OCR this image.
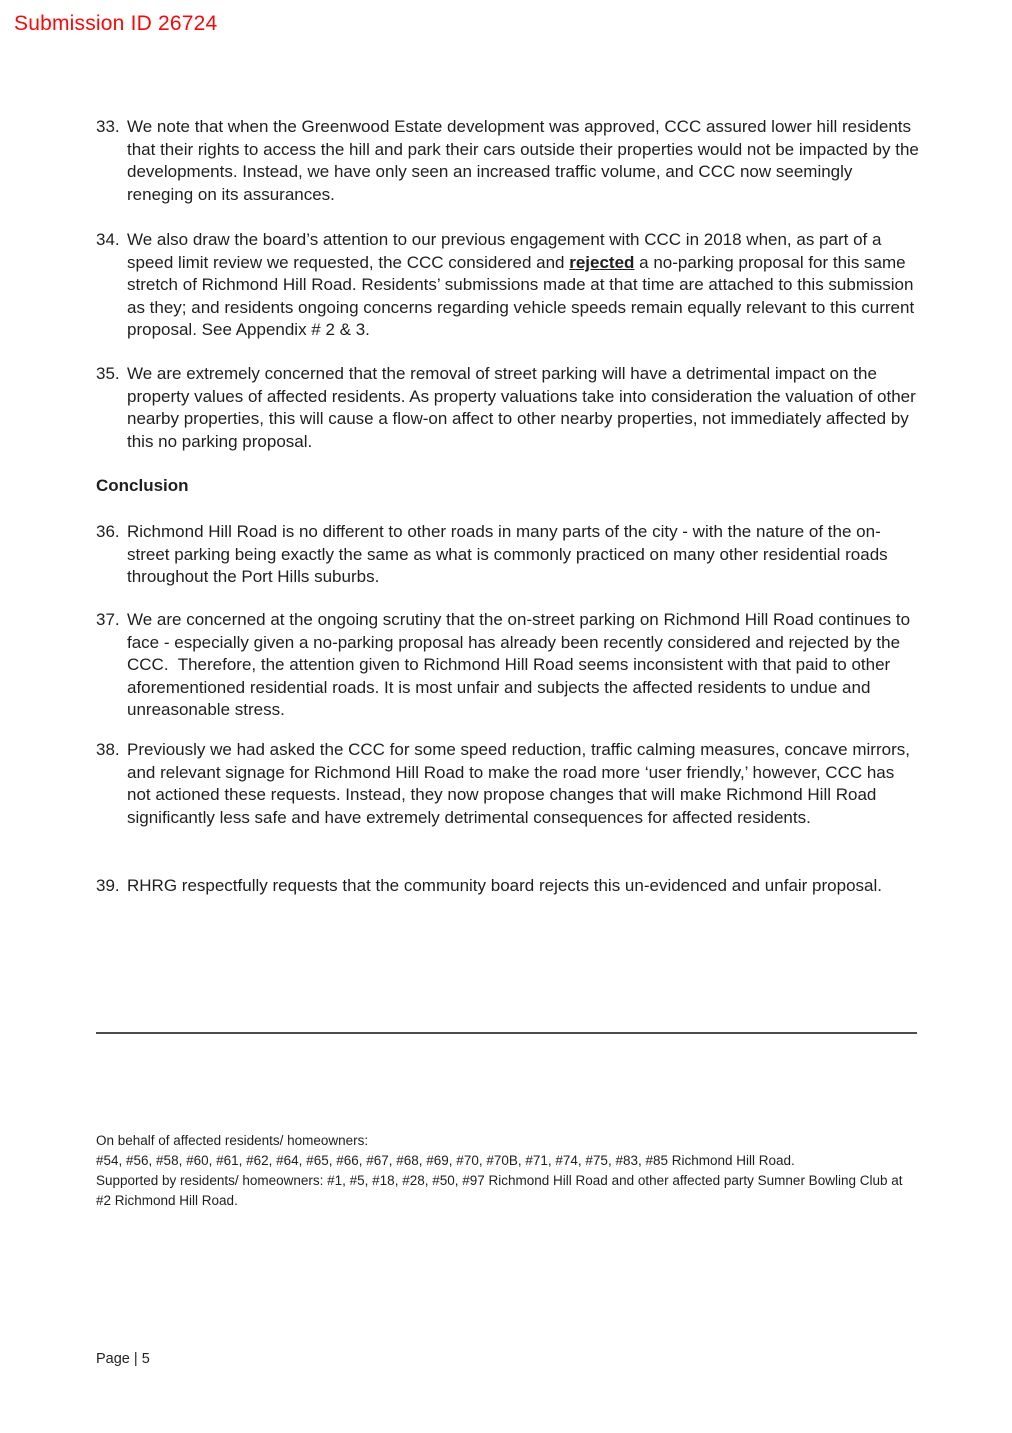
Submission ID 26724
33. We note that when the Greenwood Estate development was approved, CCC assured lower hill residents that their rights to access the hill and park their cars outside their properties would not be impacted by the developments. Instead, we have only seen an increased traffic volume, and CCC now seemingly reneging on its assurances.
34. We also draw the board’s attention to our previous engagement with CCC in 2018 when, as part of a speed limit review we requested, the CCC considered and rejected a no-parking proposal for this same stretch of Richmond Hill Road. Residents’ submissions made at that time are attached to this submission as they; and residents ongoing concerns regarding vehicle speeds remain equally relevant to this current proposal. See Appendix # 2 & 3.
35. We are extremely concerned that the removal of street parking will have a detrimental impact on the property values of affected residents. As property valuations take into consideration the valuation of other nearby properties, this will cause a flow-on affect to other nearby properties, not immediately affected by this no parking proposal.
Conclusion
36. Richmond Hill Road is no different to other roads in many parts of the city - with the nature of the on-street parking being exactly the same as what is commonly practiced on many other residential roads throughout the Port Hills suburbs.
37. We are concerned at the ongoing scrutiny that the on-street parking on Richmond Hill Road continues to face - especially given a no-parking proposal has already been recently considered and rejected by the CCC.  Therefore, the attention given to Richmond Hill Road seems inconsistent with that paid to other aforementioned residential roads. It is most unfair and subjects the affected residents to undue and unreasonable stress.
38. Previously we had asked the CCC for some speed reduction, traffic calming measures, concave mirrors, and relevant signage for Richmond Hill Road to make the road more ‘user friendly,’ however, CCC has not actioned these requests. Instead, they now propose changes that will make Richmond Hill Road significantly less safe and have extremely detrimental consequences for affected residents.
39. RHRG respectfully requests that the community board rejects this un-evidenced and unfair proposal.
On behalf of affected residents/ homeowners:
#54, #56, #58, #60, #61, #62, #64, #65, #66, #67, #68, #69, #70, #70B, #71, #74, #75, #83, #85 Richmond Hill Road.
Supported by residents/ homeowners: #1, #5, #18, #28, #50, #97 Richmond Hill Road and other affected party Sumner Bowling Club at
#2 Richmond Hill Road.
Page | 5
